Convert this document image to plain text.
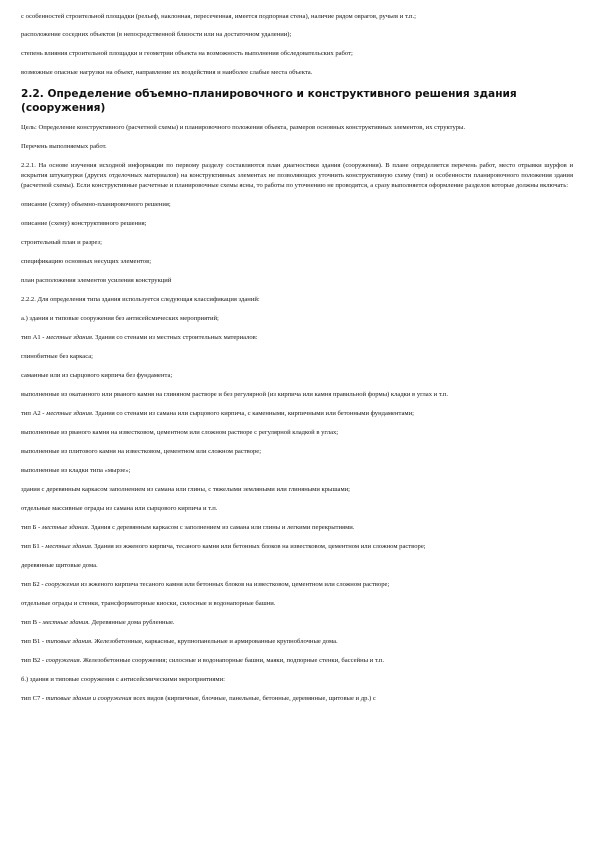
с особенностей строительной площадки (рельеф, наклонная, пересеченная, имеется подпорная стена), наличие рядом оврагов, ручьев и т.п.;

расположение соседних объектов (в непосредственной близости или на достаточном удалении);

степень влияния строительной площадки и геометрии объекта на возможность выполнения обследовательских работ;

возможные опасные нагрузки на объект, направление их воздействия и наиболее слабые места объекта.

2.2. Определение объемно-планировочного и конструктивного решения здания (сооружения)

Цель: Определение конструктивного (расчетной схемы) и планировочного положения объекта, размеров основных конструктивных элементов, их структуры.

Перечень выполняемых работ.

2.2.1. На основе изучения исходной информации по первому разделу составляются план диагностики здания (сооружения). В плане определяется перечень работ, место отрывки шурфов и вскрытия штукатурки (других отделочных материалов) на конструктивных элементах не позволяющих уточнить конструктивную схему (тип) и особенности планировочного положения здания (расчетной схемы). Если конструктивные расчетные и планировочные схемы ясны, то работы по уточнению не проводятся, а сразу выполняется оформление разделов которые должны включать:

описание (схему) объемно-планировочного решения;

описание (схему) конструктивного решения;

строительный план и разрез;

спецификацию основных несущих элементов;

план расположения элементов усиления конструкций

2.2.2. Для определения типа здания используется следующая классификация зданий:

а.) здания и типовые сооружения без антисейсмических мероприятий;

тип А1 - местные здания. Здания со стенами из местных строительных материалов:

глинобитные без каркаса;

саманные или из сырцового кирпича без фундамента;

выполненные из окатанного или рваного камня на глиняном растворе и без регулярной (из кирпича или камня правильной формы) кладки в углах и т.п.

тип А2 - местные здания. Здания со стенами из самана или сырцового кирпича, с каменными, кирпичными или бетонными фундаментами;

выполненные из рваного камня на известковом, цементном или сложном растворе с регулярной кладкой в углах;

выполненные из плитового камня на известковом, цементном или сложном растворе;

выполненные из кладки типа «мырзе»;

здания с деревянным каркасом заполнением из самана или глины, с тяжелыми земляными или глиняными крышами;

отдельные массивные ограды из самана или сырцового кирпича и т.п.

тип Б - местные здания. Здания с деревянным каркасом с заполнением из самана или глины и легкими перекрытиями.

тип Б1 - местные здания. Здания из жженого кирпича, тесаного камня или бетонных блоков на известковом, цементном или сложном растворе;

деревянные щитовые дома.

тип Б2 - сооружения из жженого кирпича тесаного камня или бетонных блоков на известковом, цементном или сложном растворе;

отдельные ограды и стенки, трансформаторные киоски, силосные и водонапорные башни.

тип В - местные здания. Деревянные дома рубленные.

тип В1 - типовые здания. Железобетонные, каркасные, крупнопанельные и армированные крупноблочные дома.

тип В2 - сооружения. Железобетонные сооружения; силосные и водонапорные башни, маяки, подпорные стенки, бассейны и т.п.

б.) здания и типовые сооружения с антисейсмическими мероприятиями:

тип С7 - типовые здания и сооружения всех видов (кирпичные, блочные, панельные, бетонные, деревянные, щитовые и др.) с
